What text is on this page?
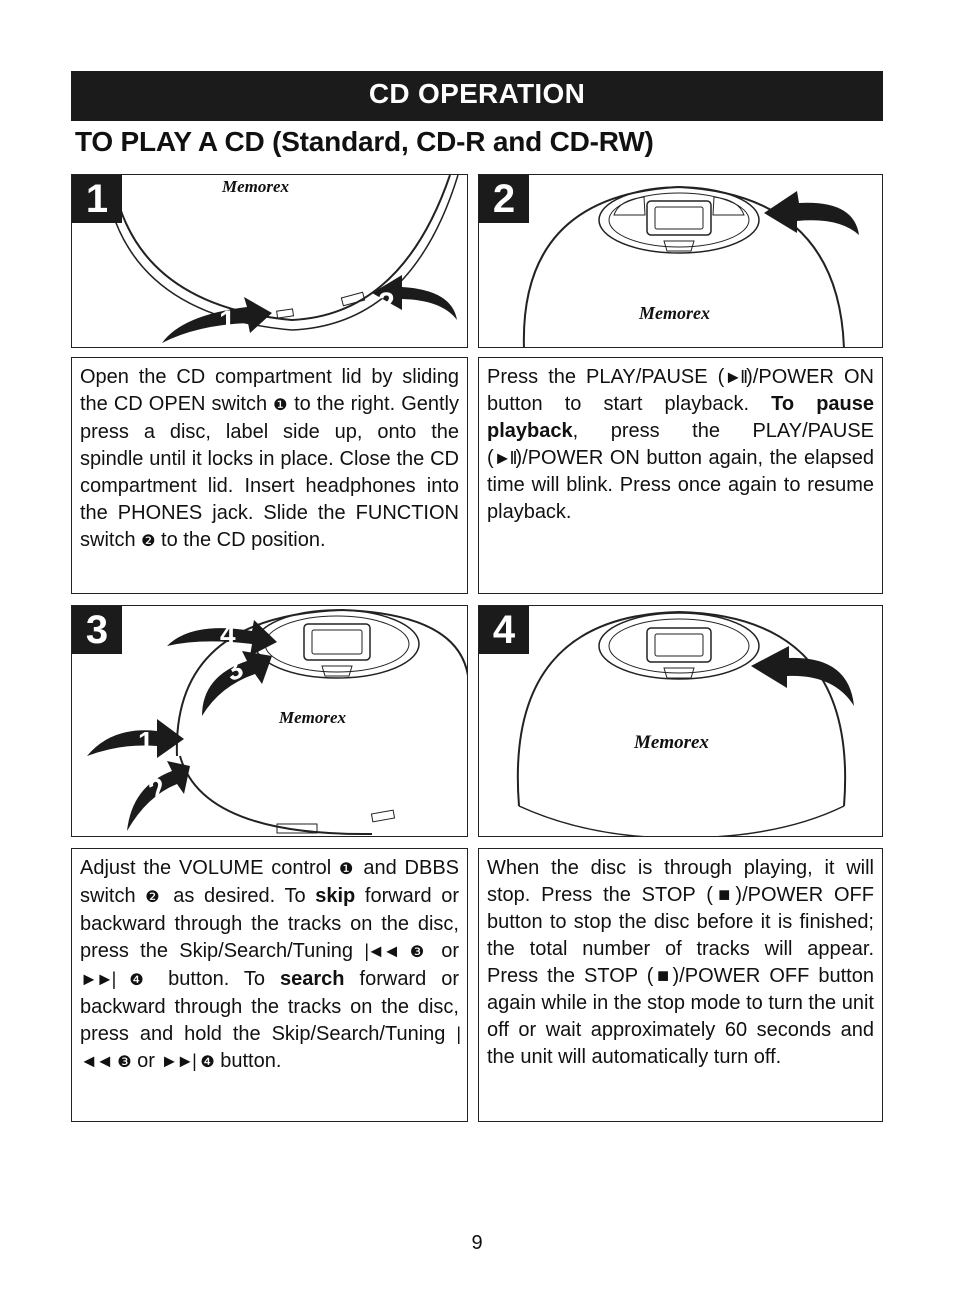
CD OPERATION
TO PLAY A CD (Standard, CD-R and CD-RW)
1
1
2
Memorex	2
Memorex
Open the CD compartment lid by sliding the CD OPEN switch ❶ to the right. Gently press a disc, label side up, onto the spindle until it locks in place. Close the CD compartment lid. Insert headphones into the PHONES jack. Slide the FUNCTION switch ❷ to the CD position.
Press the PLAY/PAUSE (►II)/POWER ON button to start playback. To pause playback, press the PLAY/PAUSE (►II)/POWER ON button again, the elapsed time will blink. Press once again to resume playback.
3	4
3
1
2
Memorex
4
Memorex
Adjust the VOLUME control ❶ and DBBS switch ❷ as desired. To skip forward or backward through the tracks on the disc, press the Skip/Search/Tuning |◄◄ ❸ or ►►| ❹ button. To search forward or backward through the tracks on the disc, press and hold the Skip/Search/Tuning |◄◄ ❸ or ►►| ❹ button.
When the disc is through playing, it will stop. Press the STOP (■)/POWER OFF button to stop the disc before it is finished; the total number of tracks will appear. Press the STOP (■)/POWER OFF button again while in the stop mode to turn the unit off or wait approximately 60 seconds and the unit will automatically turn off.
9
